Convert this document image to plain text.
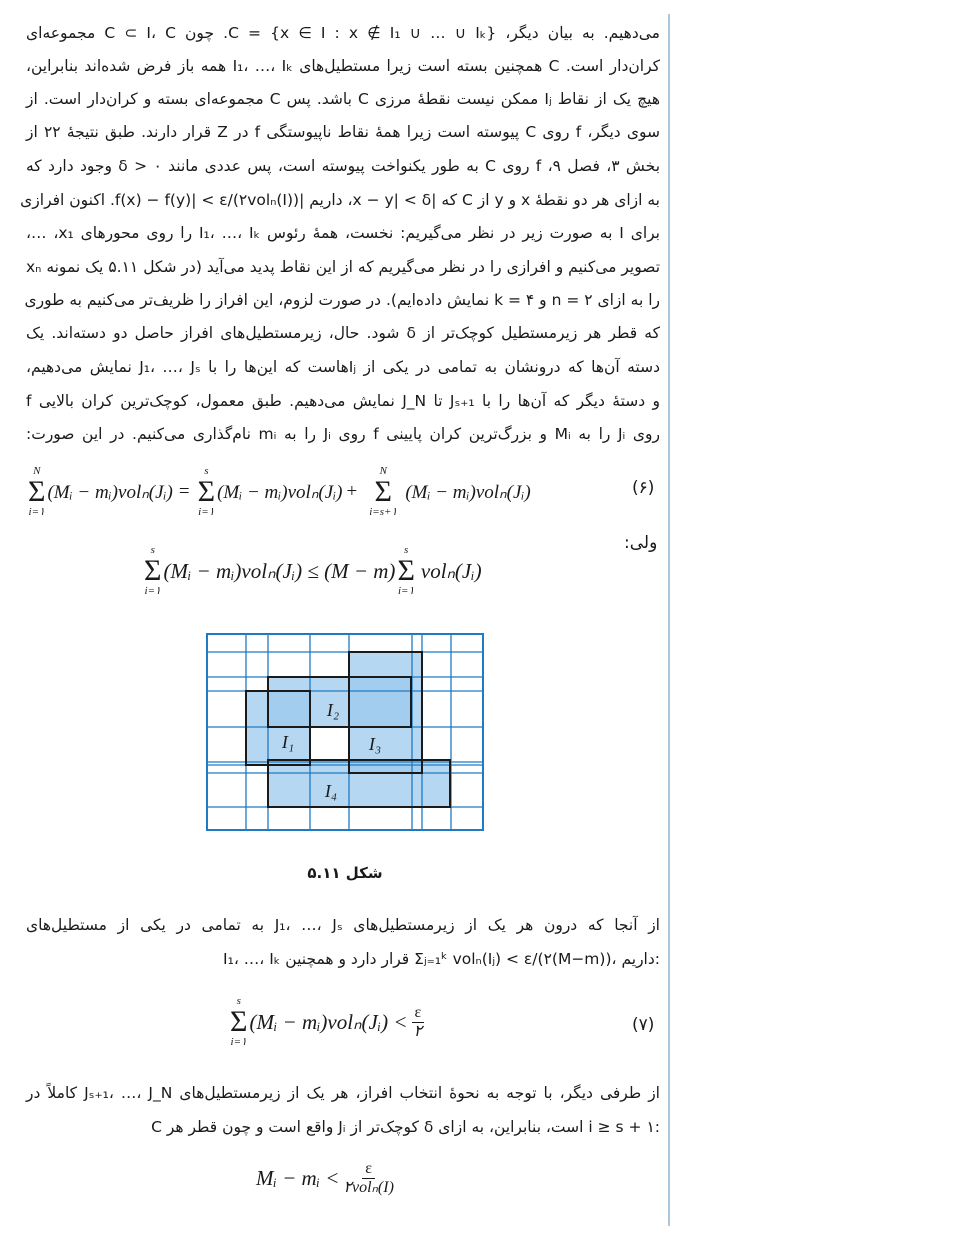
می‌دهیم. به بیان دیگر، C = {x ∈ I : x ∉ I₁ ∪ … ∪ Iₖ}. چون C ⊂ I، C مجموعه‌ای
کران‌دار است. C همچنین بسته است زیرا مستطیل‌های I₁، …، Iₖ همه باز فرض شده‌اند بنابراین،
هیچ یک از نقاط Iⱼ ممکن نیست نقطهٔ مرزی C باشد. پس C مجموعه‌ای بسته و کران‌دار است. از
سوی دیگر، f روی C پیوسته است زیرا همهٔ نقاط ناپیوستگی f در Z قرار دارند. طبق نتیجهٔ ۲۲ از
بخش ۳، فصل ۹، f روی C به طور یکنواخت پیوسته است، پس عددی مانند δ > ۰ وجود دارد که
به ازای هر دو نقطهٔ x و y از C که |x − y| < δ، داریم |f(x) − f(y)| < ε/(۲volₙ(I)). اکنون افرازی
برای I به صورت زیر در نظر می‌گیریم: نخست، همهٔ رئوس I₁، …، Iₖ را روی محورهای x₁، …،
xₙ تصویر می‌کنیم و افرازی را در نظر می‌گیریم که از این نقاط پدید می‌آید (در شکل ۵.۱۱ یک نمونه
را به ازای n = ۲ و k = ۴ نمایش داده‌ایم). در صورت لزوم، این افراز را ظریف‌تر می‌کنیم به طوری
که قطر هر زیرمستطیل کوچک‌تر از δ شود. حال، زیرمستطیل‌های افراز حاصل دو دسته‌اند. یک
دسته آن‌ها که درونشان به تمامی در یکی از Iⱼهاست که این‌ها را با J₁، …، Jₛ نمایش می‌دهیم،
و دستهٔ دیگر که آن‌ها را با Jₛ₊₁ تا J_N نمایش می‌دهیم. طبق معمول، کوچک‌ترین کران بالایی f
روی Jᵢ را به Mᵢ و بزرگ‌ترین کران پایینی f روی Jᵢ را به mᵢ نام‌گذاری می‌کنیم. در این صورت:
N
Σ
i=۱
(Mᵢ − mᵢ)volₙ(Jᵢ) =
s
Σ
i=۱
(Mᵢ − mᵢ)volₙ(Jᵢ) +
N
Σ
i=s+۱
(Mᵢ − mᵢ)volₙ(Jᵢ)	(۶)
ولی:
s
Σ
i=۱
(Mᵢ − mᵢ)volₙ(Jᵢ) ≤ (M − m)
s
Σ
i=۱
volₙ(Jᵢ)
I₁
I₂
I₃
I₄
شکل ۵.۱۱
از آنجا که درون هر یک از زیرمستطیل‌های J₁، …، Jₛ به تمامی در یکی از مستطیل‌های
I₁، …، Iₖ قرار دارد و همچنین Σⱼ₌₁ᵏ volₙ(Iⱼ) < ε/(۲(M−m))، داریم:
s
Σ
i=۱
(Mᵢ − mᵢ)volₙ(Jᵢ) < $\frac{\varepsilon}{۲}$	(۷)
از طرفی دیگر، با توجه به نحوهٔ انتخاب افراز، هر یک از زیرمستطیل‌های Jₛ₊₁، …، J_N کاملاً در
C واقع است و چون قطر هر Jᵢ کوچک‌تر از δ است، بنابراین، به ازای i ≥ s + ۱:
Mᵢ − mᵢ < $\frac{\varepsilon}{\text{۲volₙ(I)}}$
